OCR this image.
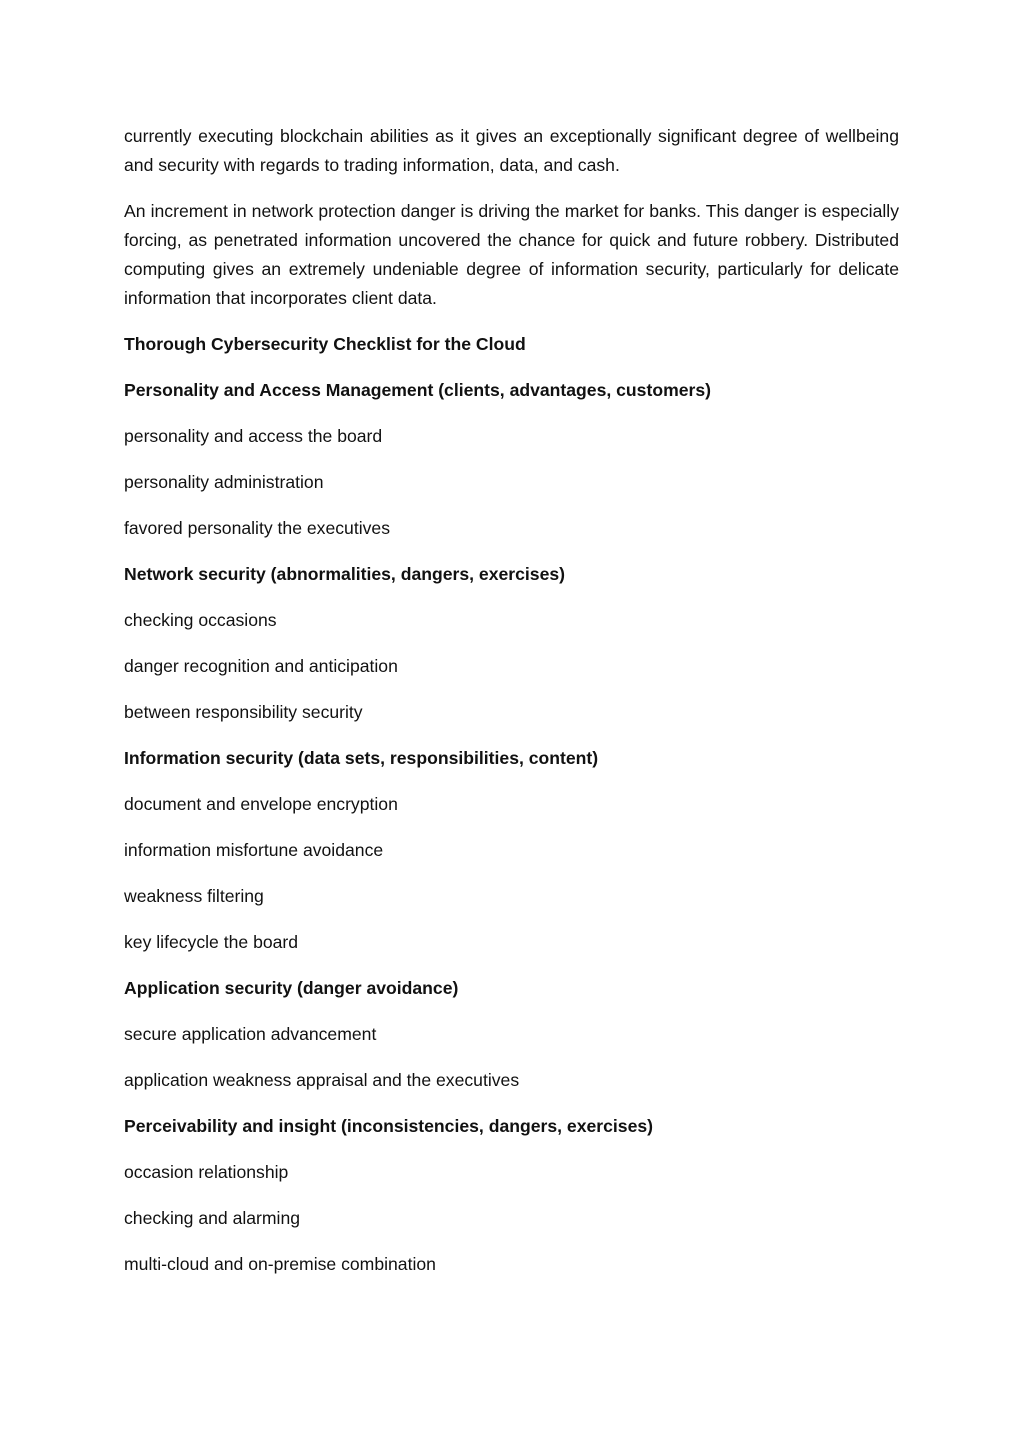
currently executing blockchain abilities as it gives an exceptionally significant degree of wellbeing and security with regards to trading information, data, and cash.

An increment in network protection danger is driving the market for banks. This danger is especially forcing, as penetrated information uncovered the chance for quick and future robbery. Distributed computing gives an extremely undeniable degree of information security, particularly for delicate information that incorporates client data.

Thorough Cybersecurity Checklist for the Cloud

Personality and Access Management (clients, advantages, customers)

personality and access the board

personality administration

favored personality the executives

Network security (abnormalities, dangers, exercises)

checking occasions

danger recognition and anticipation

between responsibility security

Information security (data sets, responsibilities, content)

document and envelope encryption

information misfortune avoidance

weakness filtering

key lifecycle the board

Application security (danger avoidance)

secure application advancement

application weakness appraisal and the executives

Perceivability and insight (inconsistencies, dangers, exercises)

occasion relationship

checking and alarming

multi-cloud and on-premise combination
